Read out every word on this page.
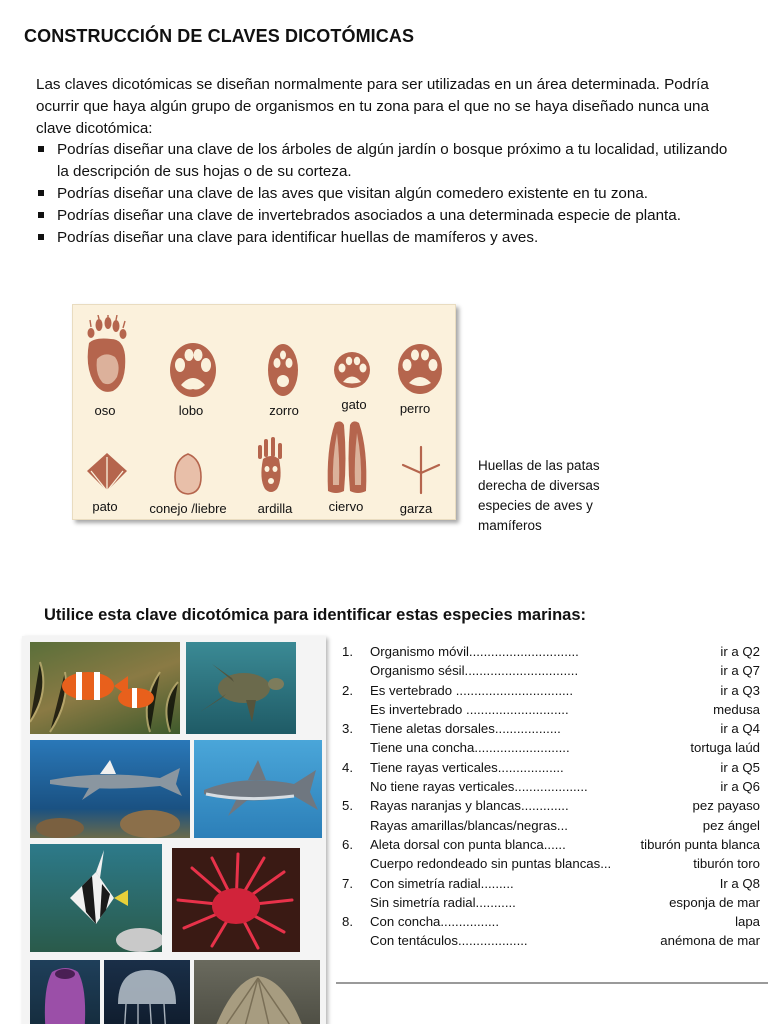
CONSTRUCCIÓN DE CLAVES DICOTÓMICAS

Las claves dicotómicas se diseñan normalmente para ser utilizadas en un área determinada. Podría ocurrir que haya algún grupo de organismos en tu zona para el que no se haya diseñado nunca una clave dicotómica:

Podrías diseñar una clave de los árboles de algún jardín o bosque próximo a tu localidad, utilizando la descripción de sus hojas o de su corteza.
Podrías diseñar una clave de las aves que visitan algún comedero existente en tu zona.
Podrías diseñar una clave de invertebrados asociados a una determinada especie de planta.
Podrías diseñar una clave para identificar huellas de mamíferos y aves.
oso	lobo	zorro	gato	perro
pato conejo /liebre ardilla	ciervo	garza
Huellas de las patas derecha de diversas especies de aves y mamíferos
Utilice esta clave dicotómica para identificar estas especies marinas:
1. Organismo móvil..............................	ir a Q2
Organismo sésil...............................	ir a Q7
2. Es vertebrado ................................	ir a Q3
Es invertebrado ............................	medusa
3. Tiene aletas dorsales..................	ir a Q4
Tiene una concha..........................	tortuga laúd
4. Tiene rayas verticales..................	ir a Q5
No tiene rayas verticales....................	ir a Q6
5. Rayas naranjas y blancas.............	pez payaso
Rayas amarillas/blancas/negras...	pez ángel
6. Aleta dorsal con punta blanca......	tiburón punta blanca
Cuerpo redondeado sin puntas blancas...	tiburón toro
7. Con simetría radial.........	Ir a Q8
Sin simetría radial...........	esponja de mar
8. Con concha................	lapa
Con tentáculos...................	anémona de mar
